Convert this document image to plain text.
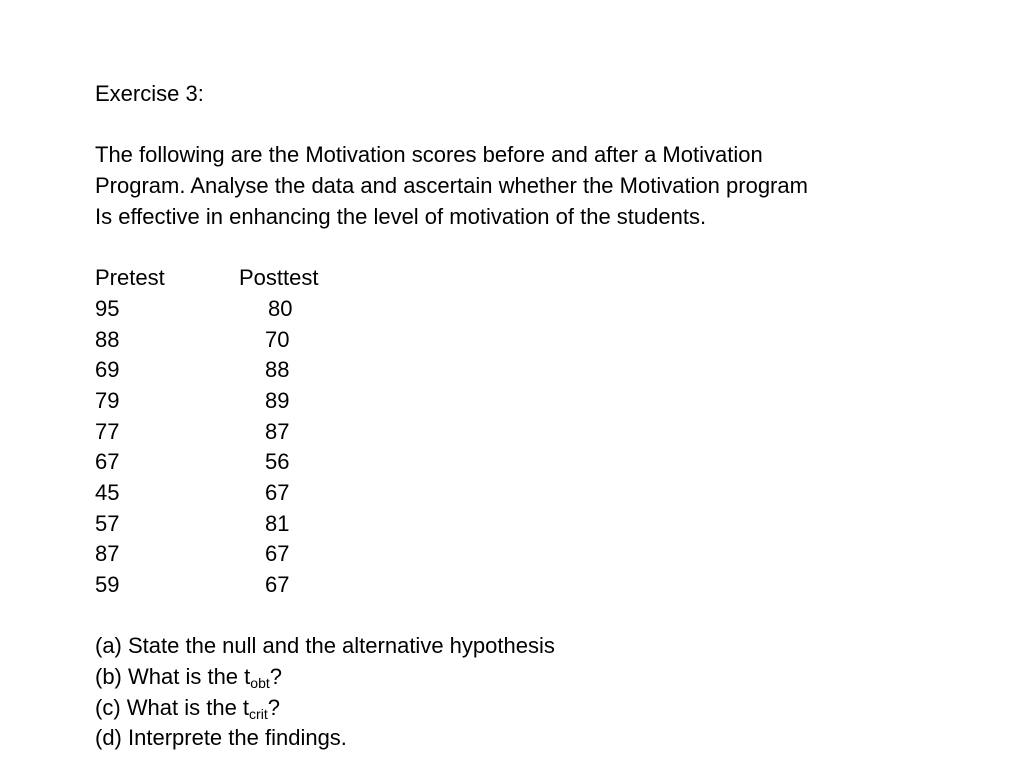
Exercise 3:
The following are the Motivation scores before and after a Motivation
Program. Analyse the data and ascertain whether the Motivation program
Is effective in enhancing the level of motivation of the students.
Pretest	Posttest
95	80
88	70
69	88
79	89
77	87
67	56
45	67
57	81
87	67
59	67
(a) State the null and the alternative hypothesis
(b) What is the $t_{obt}$?
(c) What is the $t_{crit}$?
(d) Interprete the findings.
